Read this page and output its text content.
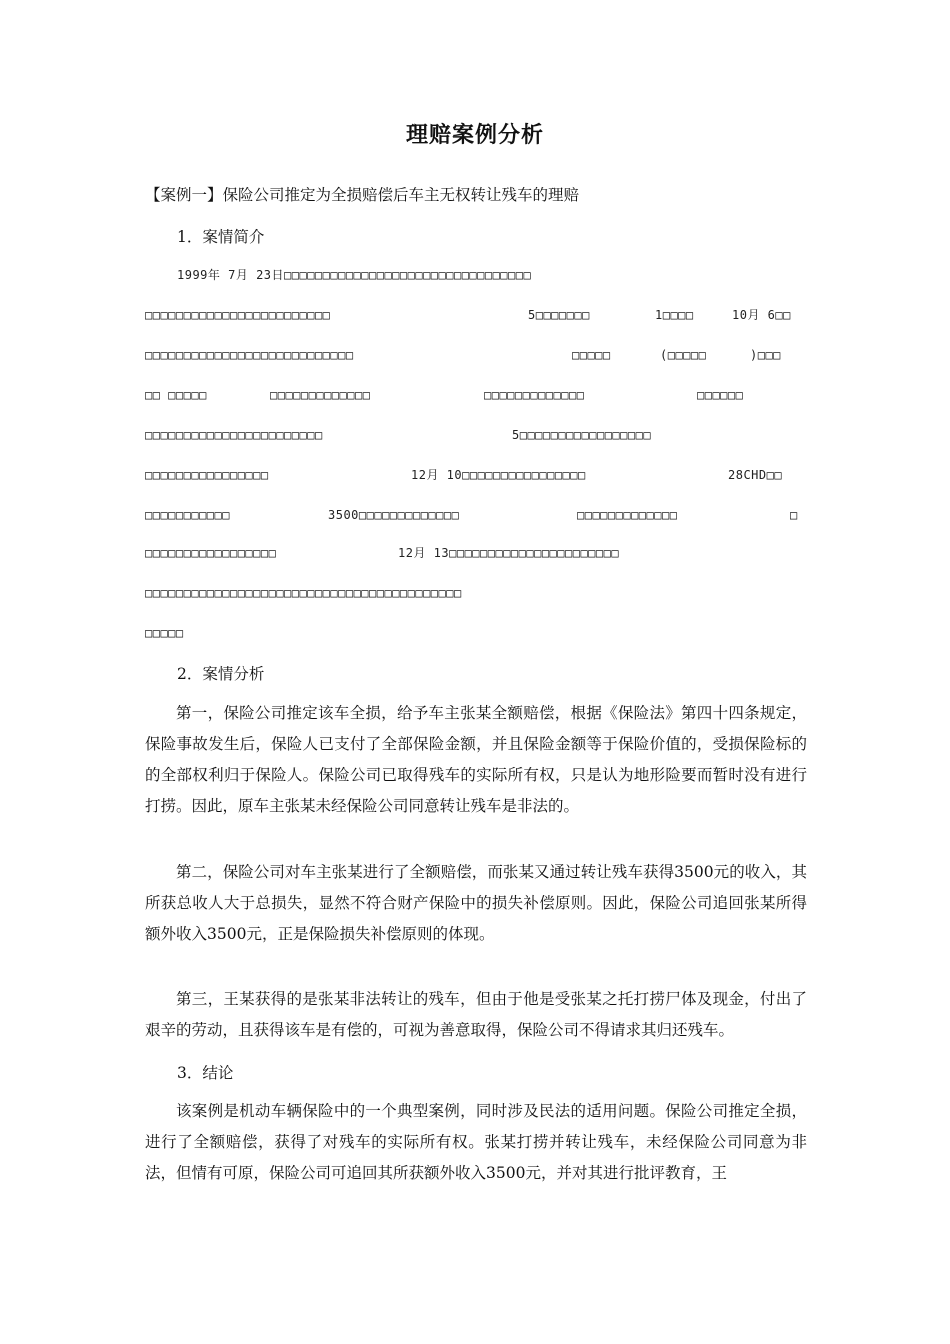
理赔案例分析
【案例一】保险公司推定为全损赔偿后车主无权转让残车的理赔
1．案情简介
1999年 7月 23日□□□□□□□□□□□□□□□□□□□□□□□□□□□□□□□□
□□□□□□□□□□□□□□□□□□□□□□□□	5□□□□□□□	1□□□□	10月 6□□
□□□□□□□□□□□□□□□□□□□□□□□□□□□	□□□□□	(□□□□□	)□□□
□□ □□□□□	□□□□□□□□□□□□□	□□□□□□□□□□□□□	□□□□□□
□□□□□□□□□□□□□□□□□□□□□□□	5□□□□□□□□□□□□□□□□□
□□□□□□□□□□□□□□□□	12月 10□□□□□□□□□□□□□□□□	28CHD□□
□□□□□□□□□□□	3500□□□□□□□□□□□□□	□□□□□□□□□□□□□	□
□□□□□□□□□□□□□□□□□	12月 13□□□□□□□□□□□□□□□□□□□□□□
□□□□□□□□□□□□□□□□□□□□□□□□□□□□□□□□□□□□□□□□□
□□□□□
2．案情分析
第一，保险公司推定该车全损，给予车主张某全额赔偿，根据《保险法》第四十四条规定，保险事故发生后，保险人已支付了全部保险金额，并且保险金额等于保险价值的，受损保险标的的全部权利归于保险人。保险公司已取得残车的实际所有权，只是认为地形险要而暂时没有进行打捞。因此，原车主张某未经保险公司同意转让残车是非法的。
第二，保险公司对车主张某进行了全额赔偿，而张某又通过转让残车获得3500元的收入，其所获总收人大于总损失，显然不符合财产保险中的损失补偿原则。因此，保险公司追回张某所得额外收入3500元，正是保险损失补偿原则的体现。
第三，王某获得的是张某非法转让的残车，但由于他是受张某之托打捞尸体及现金，付出了艰辛的劳动，且获得该车是有偿的，可视为善意取得，保险公司不得请求其归还残车。
3．结论
该案例是机动车辆保险中的一个典型案例，同时涉及民法的适用问题。保险公司推定全损，进行了全额赔偿，获得了对残车的实际所有权。张某打捞并转让残车，未经保险公司同意为非法，但情有可原，保险公司可追回其所获额外收入3500元，并对其进行批评教育，王
